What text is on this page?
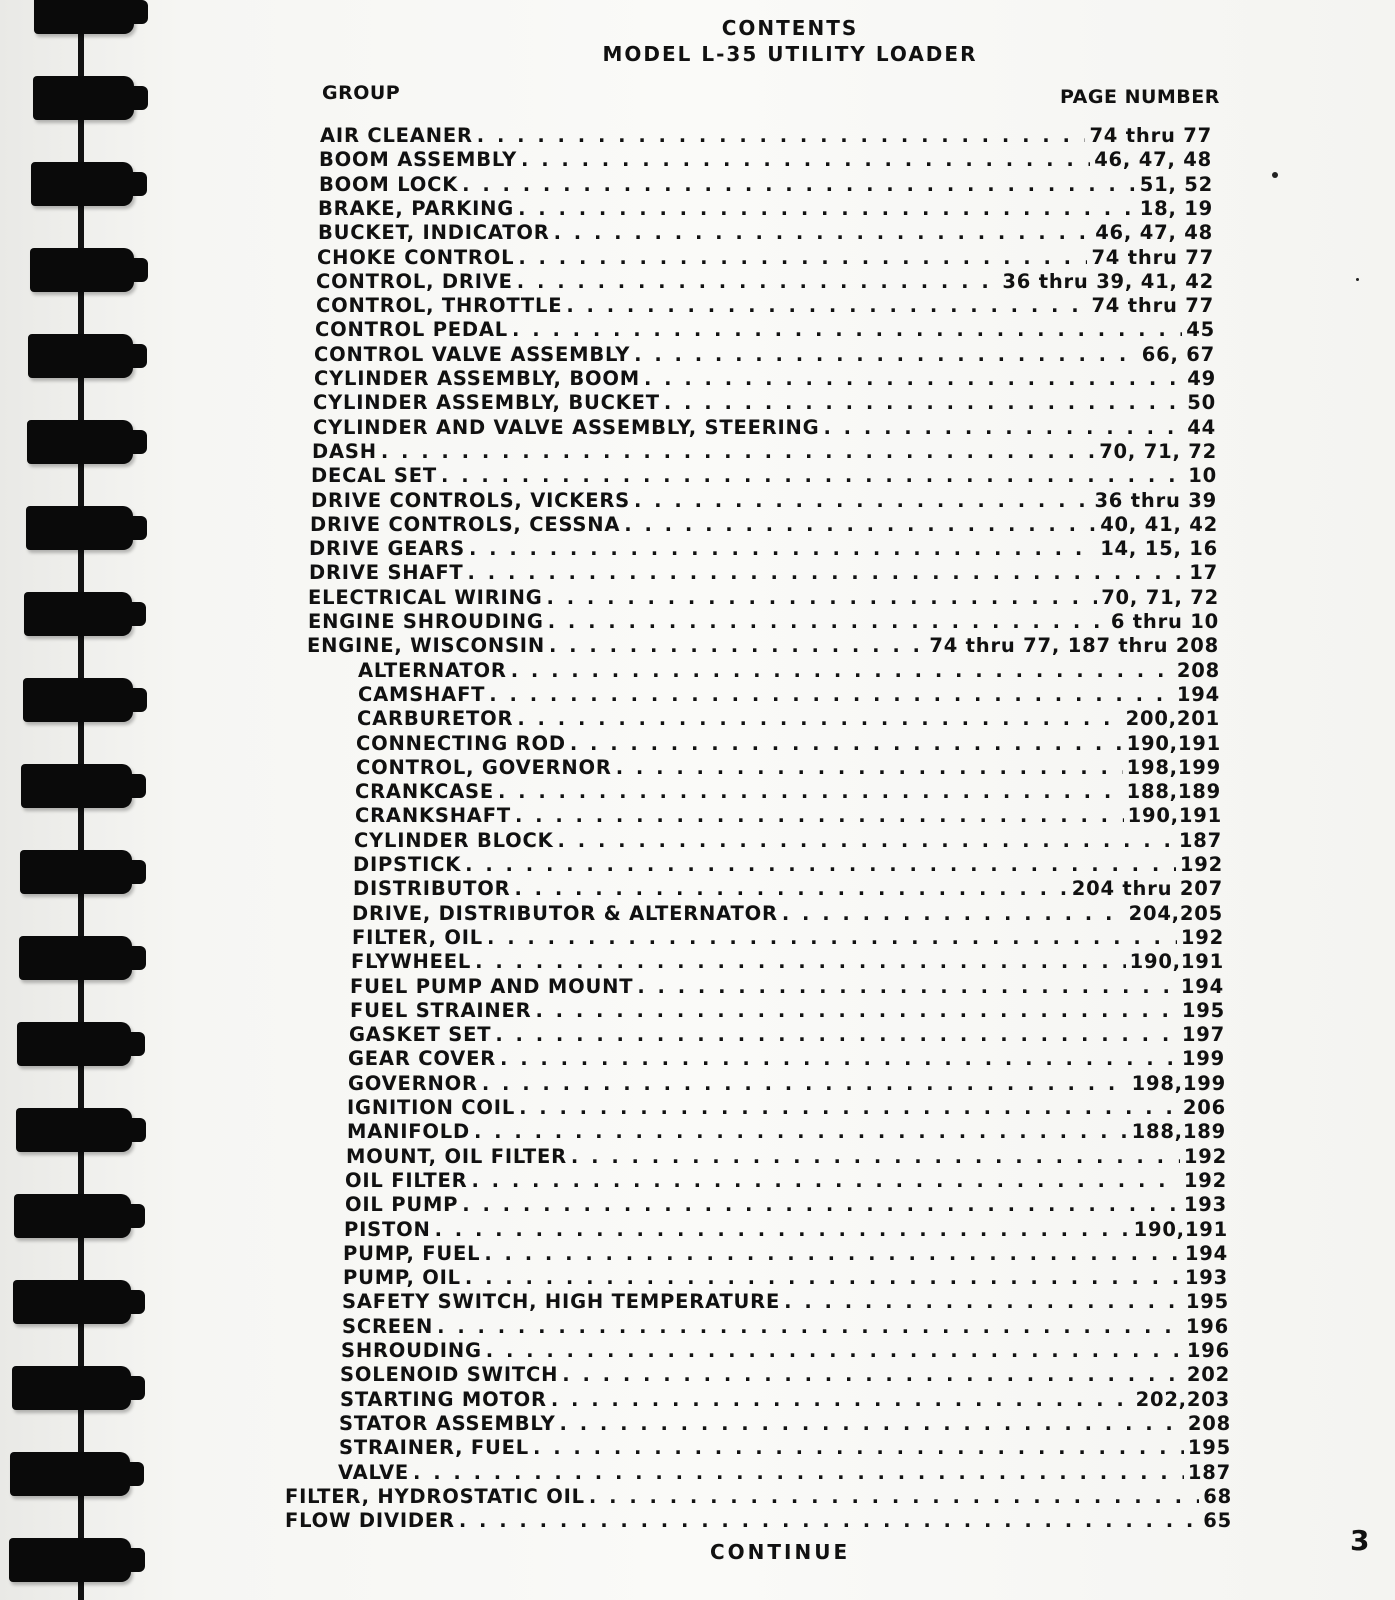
CONTENTS
MODEL L-35 UTILITY LOADER
GROUP	PAGE NUMBER
AIR CLEANER . . .	74 thru 77
BOOM ASSEMBLY . . .	46, 47, 48
BOOM LOCK . . .	51, 52
BRAKE, PARKING . . .	18, 19
BUCKET, INDICATOR . . .	46, 47, 48
CHOKE CONTROL . . .	74 thru 77
CONTROL, DRIVE . . .	36 thru 39, 41, 42
CONTROL, THROTTLE . . .	74 thru 77
CONTROL PEDAL . . .	45
CONTROL VALVE ASSEMBLY . . .	66, 67
CYLINDER ASSEMBLY, BOOM . . .	49
CYLINDER ASSEMBLY, BUCKET . . .	50
CYLINDER AND VALVE ASSEMBLY, STEERING . . .	44
DASH . . .	70, 71, 72
DECAL SET . . .	10
DRIVE CONTROLS, VICKERS . . .	36 thru 39
DRIVE CONTROLS, CESSNA . . .	40, 41, 42
DRIVE GEARS . . .	14, 15, 16
DRIVE SHAFT . . .	17
ELECTRICAL WIRING . . .	70, 71, 72
ENGINE SHROUDING . . .	6 thru 10
ENGINE, WISCONSIN . . .	74 thru 77, 187 thru 208
ALTERNATOR . . .	208
CAMSHAFT . . .	194
CARBURETOR . . .	200,201
CONNECTING ROD . . .	190,191
CONTROL, GOVERNOR . . .	198,199
CRANKCASE . . .	188,189
CRANKSHAFT . . .	190,191
CYLINDER BLOCK . . .	187
DIPSTICK . . .	192
DISTRIBUTOR . . .	204 thru 207
DRIVE, DISTRIBUTOR & ALTERNATOR . . .	204,205
FILTER, OIL . . .	192
FLYWHEEL . . .	190,191
FUEL PUMP AND MOUNT . . .	194
FUEL STRAINER . . .	195
GASKET SET . . .	197
GEAR COVER . . .	199
GOVERNOR . . .	198,199
IGNITION COIL . . .	206
MANIFOLD . . .	188,189
MOUNT, OIL FILTER . . .	192
OIL FILTER . . .	192
OIL PUMP . . .	193
PISTON . . .	190,191
PUMP, FUEL . . .	194
PUMP, OIL . . .	193
SAFETY SWITCH, HIGH TEMPERATURE . . .	195
SCREEN . . .	196
SHROUDING . . .	196
SOLENOID SWITCH . . .	202
STARTING MOTOR . . .	202,203
STATOR ASSEMBLY . . .	208
STRAINER, FUEL . . .	195
VALVE . . .	187
FILTER, HYDROSTATIC OIL . . .	68
FLOW DIVIDER . . .	65
CONTINUE	3
